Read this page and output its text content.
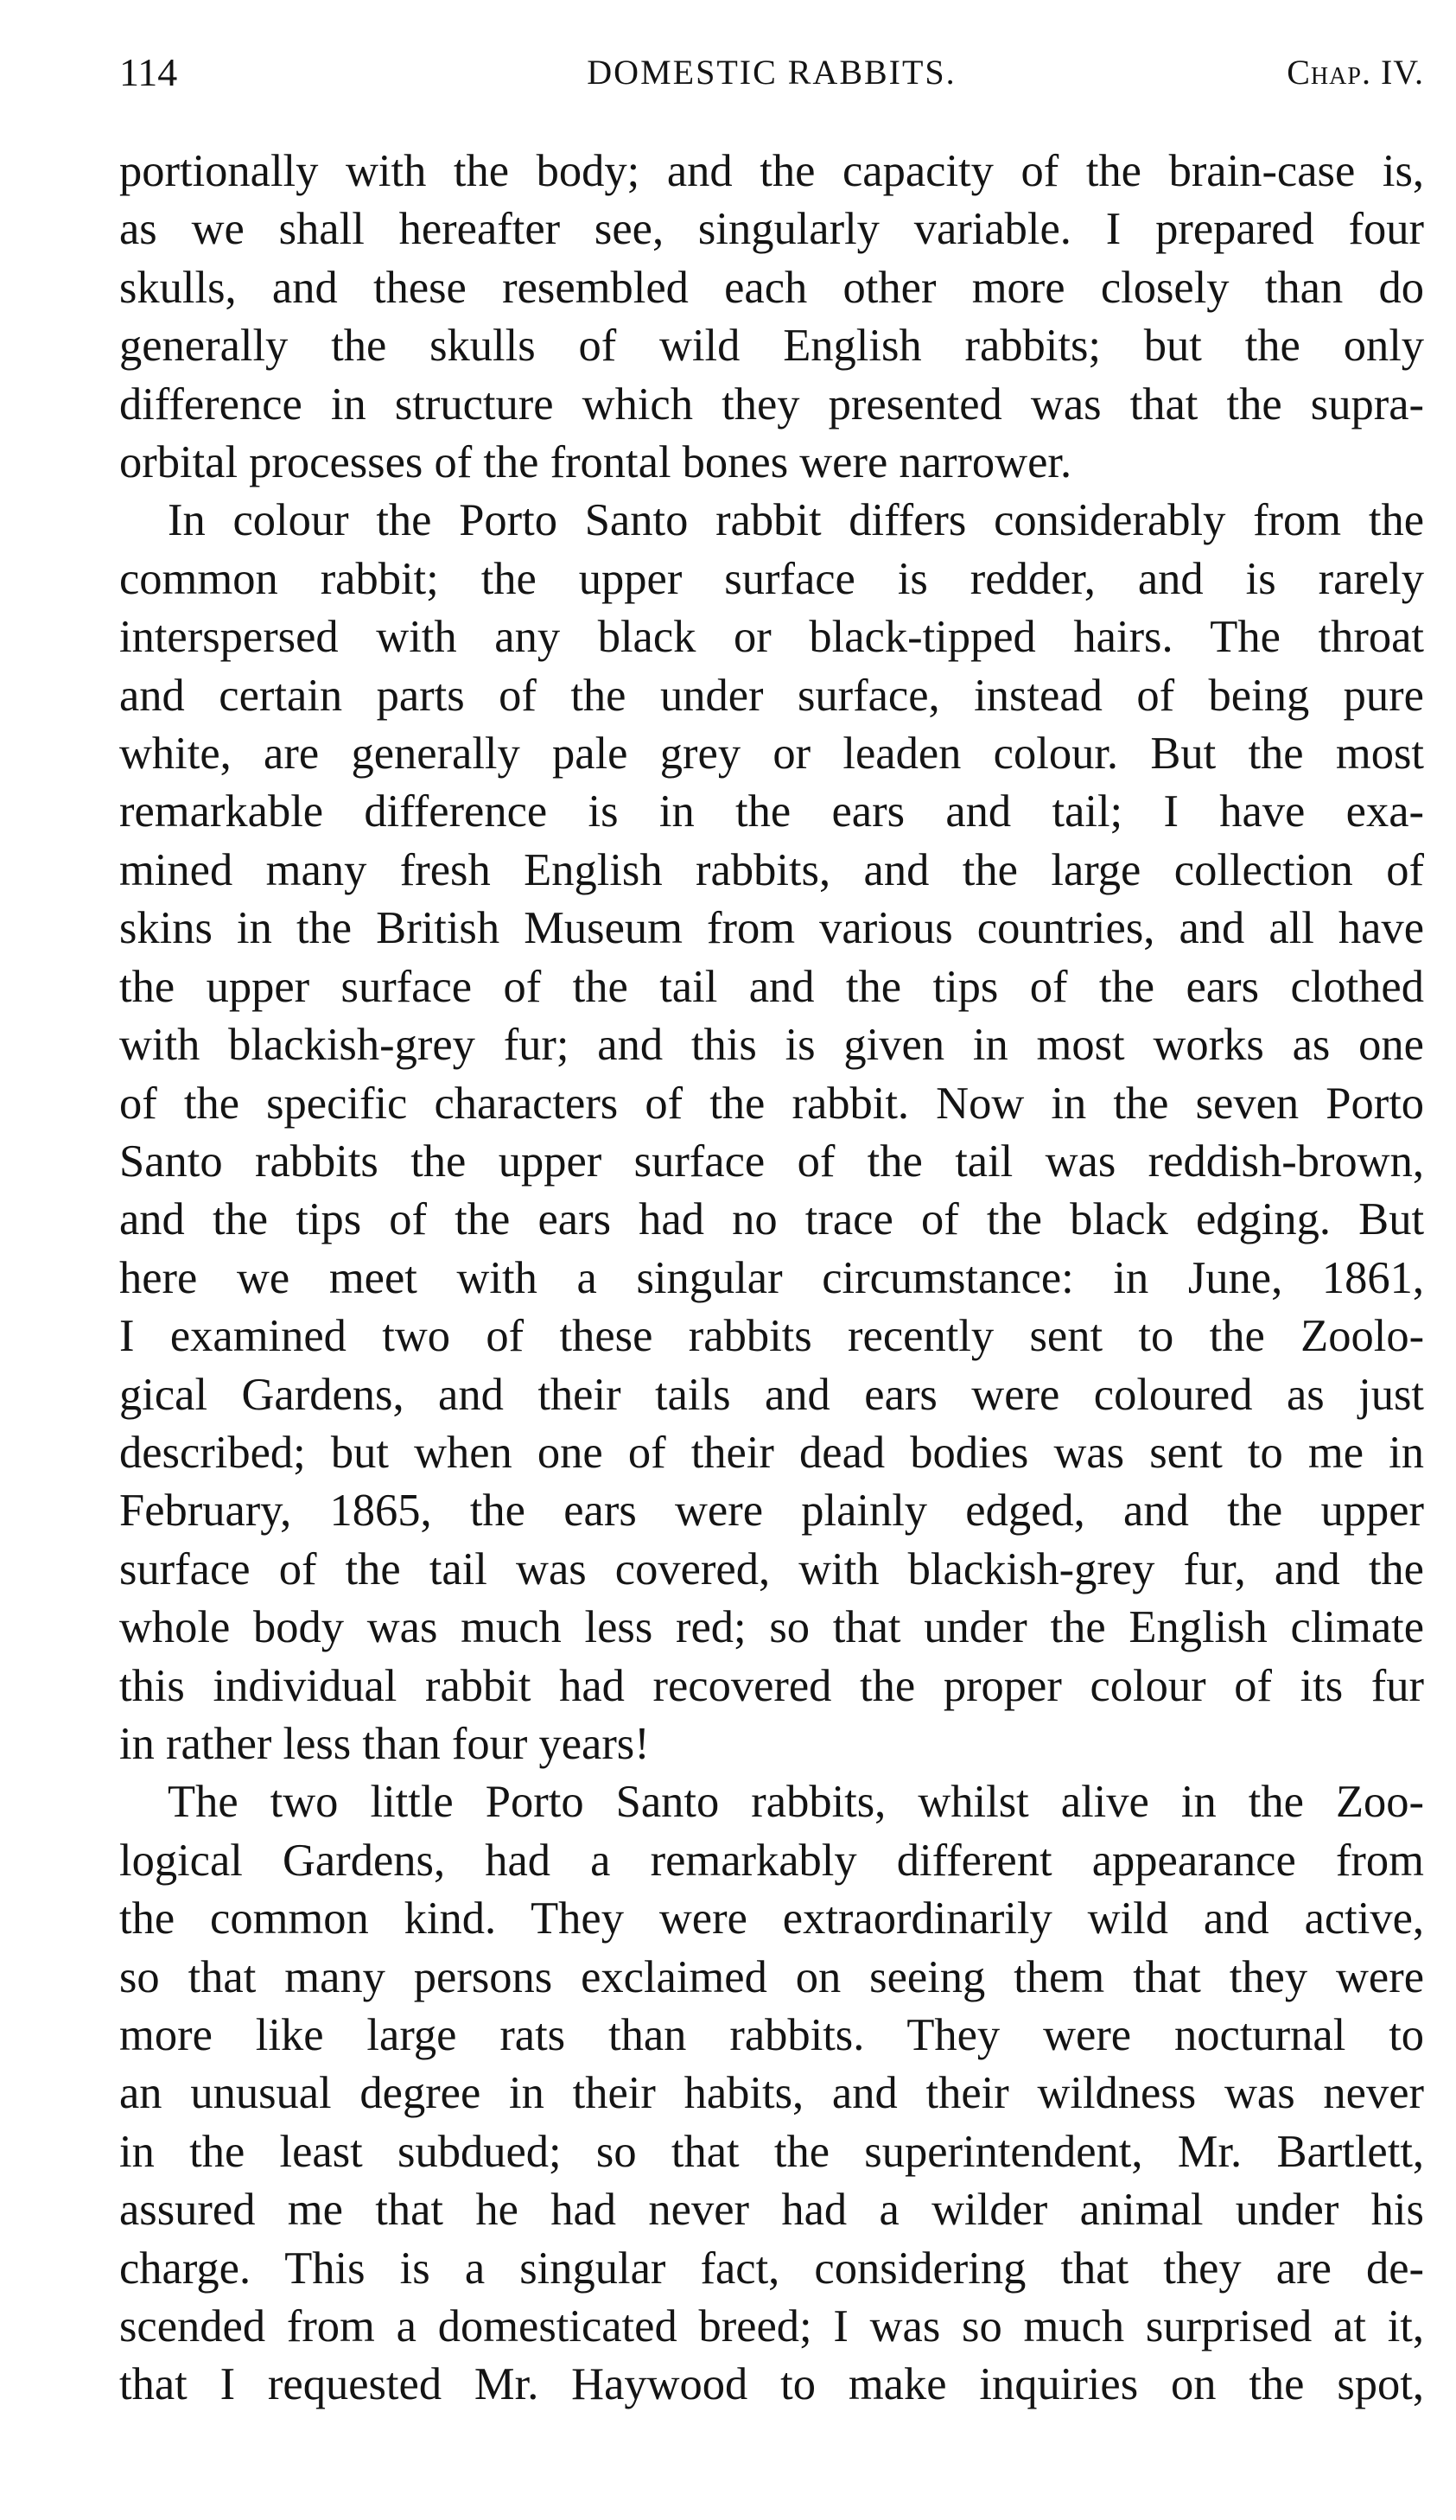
114	DOMESTIC RABBITS.	Chap. IV.

portionally with the body; and the capacity of the brain-case is,
as we shall hereafter see, singularly variable. I prepared four
skulls, and these resembled each other more closely than do
generally the skulls of wild English rabbits; but the only
difference in structure which they presented was that the supra-
orbital processes of the frontal bones were narrower.

In colour the Porto Santo rabbit differs considerably from the
common rabbit; the upper surface is redder, and is rarely
interspersed with any black or black-tipped hairs. The throat
and certain parts of the under surface, instead of being pure
white, are generally pale grey or leaden colour. But the most
remarkable difference is in the ears and tail; I have exa-
mined many fresh English rabbits, and the large collection of
skins in the British Museum from various countries, and all have
the upper surface of the tail and the tips of the ears clothed
with blackish-grey fur; and this is given in most works as one
of the specific characters of the rabbit. Now in the seven Porto
Santo rabbits the upper surface of the tail was reddish-brown,
and the tips of the ears had no trace of the black edging. But
here we meet with a singular circumstance: in June, 1861,
I examined two of these rabbits recently sent to the Zoolo-
gical Gardens, and their tails and ears were coloured as just
described; but when one of their dead bodies was sent to me in
February, 1865, the ears were plainly edged, and the upper
surface of the tail was covered, with blackish-grey fur, and the
whole body was much less red; so that under the English climate
this individual rabbit had recovered the proper colour of its fur
in rather less than four years!

The two little Porto Santo rabbits, whilst alive in the Zoo-
logical Gardens, had a remarkably different appearance from
the common kind. They were extraordinarily wild and active,
so that many persons exclaimed on seeing them that they were
more like large rats than rabbits. They were nocturnal to
an unusual degree in their habits, and their wildness was never
in the least subdued; so that the superintendent, Mr. Bartlett,
assured me that he had never had a wilder animal under his
charge. This is a singular fact, considering that they are de-
scended from a domesticated breed; I was so much surprised at it,
that I requested Mr. Haywood to make inquiries on the spot,
